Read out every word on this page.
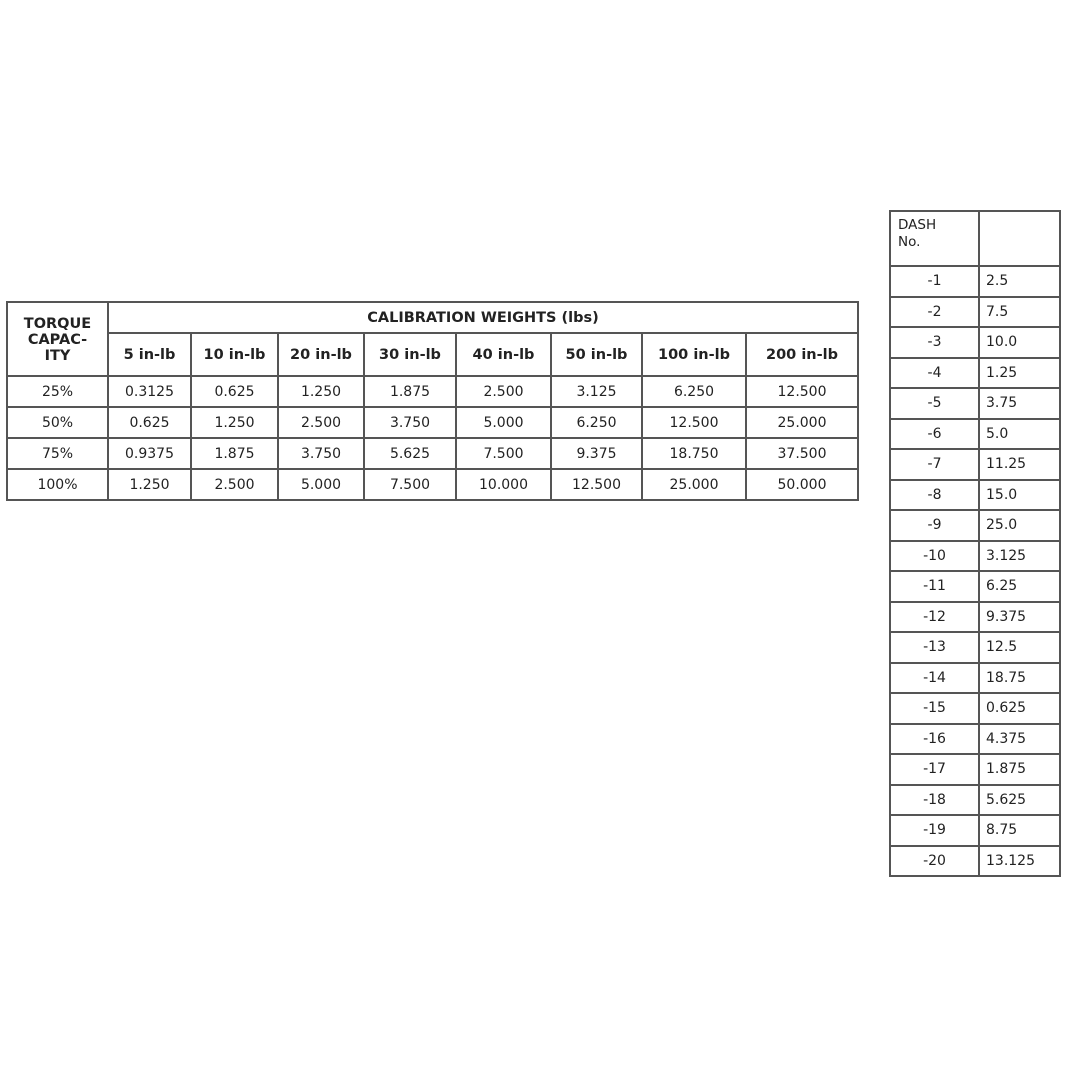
TORQUE
CAPAC-
ITY	CALIBRATION WEIGHTS (lbs)							
	5 in-lb	10 in-lb	20 in-lb	30 in-lb	40 in-lb	50 in-lb	100 in-lb	200 in-lb
25%	0.3125	0.625	1.250	1.875	2.500	3.125	6.250	12.500
50%	0.625	1.250	2.500	3.750	5.000	6.250	12.500	25.000
75%	0.9375	1.875	3.750	5.625	7.500	9.375	18.750	37.500
100%	1.250	2.500	5.000	7.500	10.000	12.500	25.000	50.000
DASH
No.	

-1	2.5
-2	7.5
-3	10.0
-4	1.25
-5	3.75
-6	5.0
-7	11.25
-8	15.0
-9	25.0
-10	3.125
-11	6.25
-12	9.375
-13	12.5
-14	18.75
-15	0.625
-16	4.375
-17	1.875
-18	5.625
-19	8.75
-20	13.125
